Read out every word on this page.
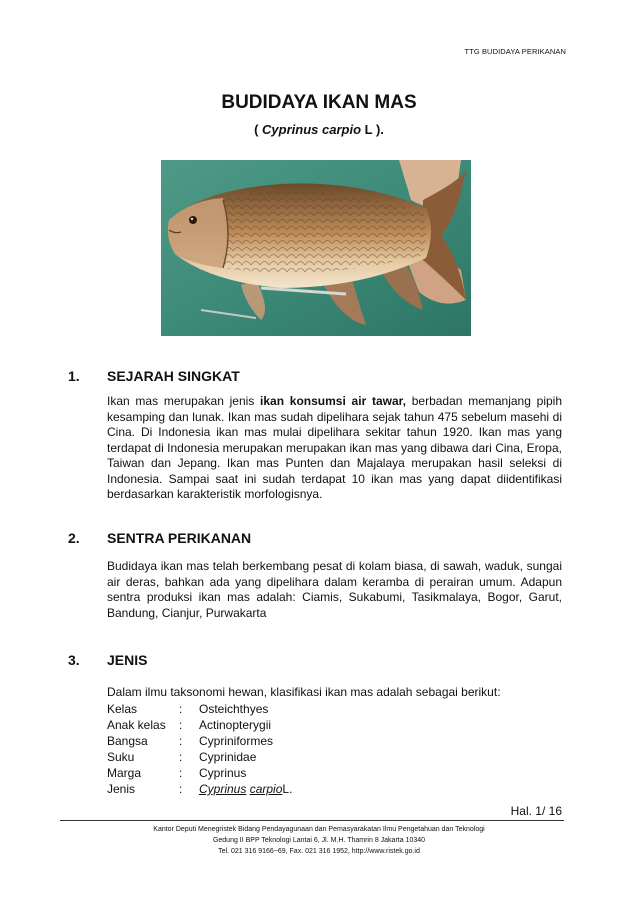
TTG BUDIDAYA PERIKANAN
BUDIDAYA IKAN MAS
( Cyprinus carpio L ).
1. SEJARAH SINGKAT
Ikan mas merupakan jenis ikan konsumsi air tawar, berbadan memanjang pipih kesamping dan lunak. Ikan mas sudah dipelihara sejak tahun 475 sebelum masehi di Cina. Di Indonesia ikan mas mulai dipelihara sekitar tahun 1920. Ikan mas yang terdapat di Indonesia merupakan merupakan ikan mas yang dibawa dari Cina, Eropa, Taiwan dan Jepang. Ikan mas Punten dan Majalaya merupakan hasil seleksi di Indonesia. Sampai saat ini sudah terdapat 10 ikan mas yang dapat diidentifikasi berdasarkan karakteristik morfologisnya.
2. SENTRA PERIKANAN
Budidaya ikan mas telah berkembang pesat di kolam biasa, di sawah, waduk, sungai air deras, bahkan ada yang dipelihara dalam keramba di perairan umum. Adapun sentra produksi ikan mas adalah: Ciamis, Sukabumi, Tasikmalaya, Bogor, Garut, Bandung, Cianjur, Purwakarta
3. JENIS
Dalam ilmu taksonomi hewan, klasifikasi ikan mas adalah sebagai berikut:
Kelas	: Osteichthyes
Anak kelas : Actinopterygii
Bangsa	: Cypriniformes
Suku	: Cyprinidae
Marga	: Cyprinus
Jenis	: Cyprinus carpioL.
Hal. 1/ 16
Kantor Deputi Menegristek Bidang Pendayagunaan dan Pemasyarakatan Ilmu Pengetahuan dan Teknologi
Gedung II BPP Teknologi Lantai 6, Jl. M.H. Thamrin 8 Jakarta 10340
Tel. 021 316 9166~69, Fax. 021 316 1952, http://www.ristek.go.id
